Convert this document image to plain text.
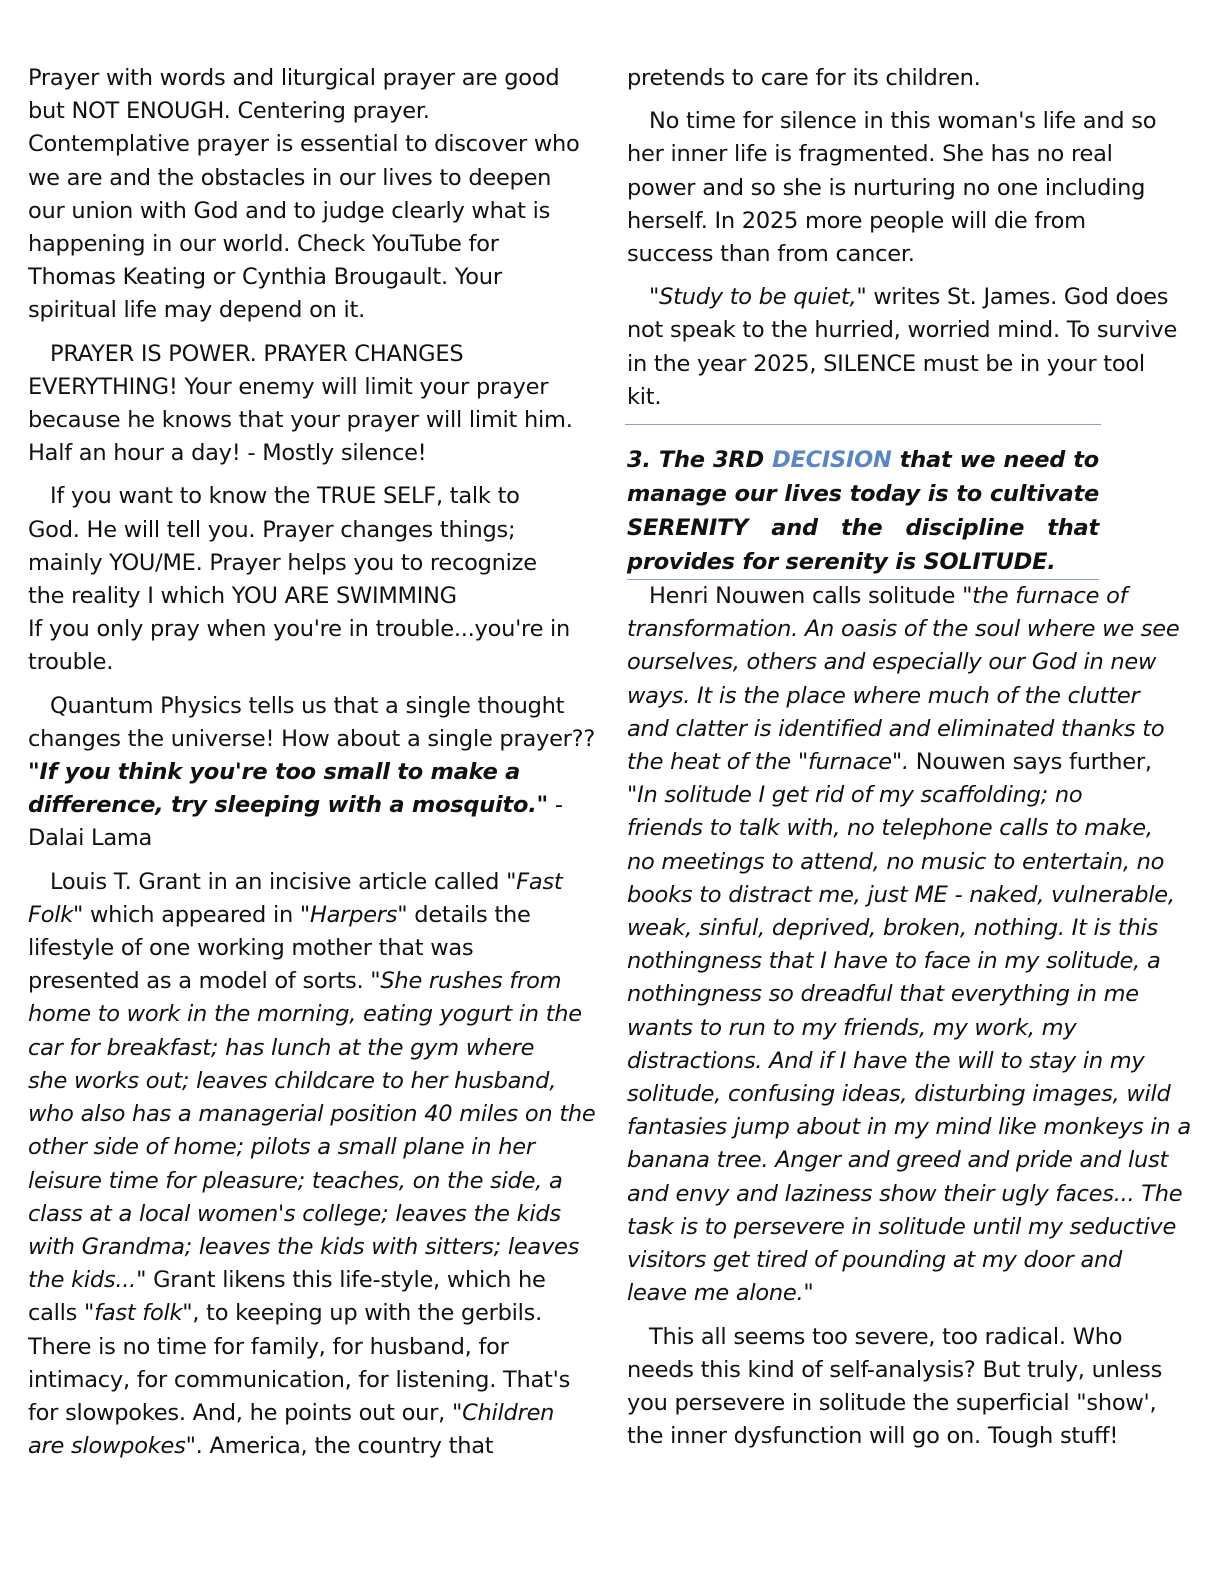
Prayer with words and liturgical prayer are good
but NOT ENOUGH. Centering prayer.
Contemplative prayer is essential to discover who
we are and the obstacles in our lives to deepen
our union with God and to judge clearly what is
happening in our world. Check YouTube for
Thomas Keating or Cynthia Brougault. Your
spiritual life may depend on it.

PRAYER IS POWER. PRAYER CHANGES
EVERYTHING! Your enemy will limit your prayer
because he knows that your prayer will limit him.
Half an hour a day! - Mostly silence!

If you want to know the TRUE SELF, talk to
God. He will tell you. Prayer changes things;
mainly YOU/ME. Prayer helps you to recognize
the reality I which YOU ARE SWIMMING
If you only pray when you're in trouble...you're in
trouble.

Quantum Physics tells us that a single thought
changes the universe! How about a single prayer??
"If you think you're too small to make a
difference, try sleeping with a mosquito." -
Dalai Lama

Louis T. Grant in an incisive article called "Fast
Folk" which appeared in "Harpers" details the
lifestyle of one working mother that was
presented as a model of sorts. "She rushes from
home to work in the morning, eating yogurt in the
car for breakfast; has lunch at the gym where
she works out; leaves childcare to her husband,
who also has a managerial position 40 miles on the
other side of home; pilots a small plane in her
leisure time for pleasure; teaches, on the side, a
class at a local women's college; leaves the kids
with Grandma; leaves the kids with sitters; leaves
the kids..." Grant likens this life-style, which he
calls "fast folk", to keeping up with the gerbils.
There is no time for family, for husband, for
intimacy, for communication, for listening. That's
for slowpokes. And, he points out our, "Children
are slowpokes". America, the country that

pretends to care for its children.

No time for silence in this woman's life and so
her inner life is fragmented. She has no real
power and so she is nurturing no one including
herself. In 2025 more people will die from
success than from cancer.

"Study to be quiet," writes St. James. God does
not speak to the hurried, worried mind. To survive
in the year 2025, SILENCE must be in your tool
kit.

3. The 3RD DECISION that we need to manage our lives today is to cultivate SERENITY and the discipline that provides for serenity is SOLITUDE.

Henri Nouwen calls solitude "the furnace of
transformation. An oasis of the soul where we see
ourselves, others and especially our God in new
ways. It is the place where much of the clutter
and clatter is identified and eliminated thanks to
the heat of the "furnace". Nouwen says further,
"In solitude I get rid of my scaffolding; no
friends to talk with, no telephone calls to make,
no meetings to attend, no music to entertain, no
books to distract me, just ME - naked, vulnerable,
weak, sinful, deprived, broken, nothing. It is this
nothingness that I have to face in my solitude, a
nothingness so dreadful that everything in me
wants to run to my friends, my work, my
distractions. And if I have the will to stay in my
solitude, confusing ideas, disturbing images, wild
fantasies jump about in my mind like monkeys in a
banana tree. Anger and greed and pride and lust
and envy and laziness show their ugly faces... The
task is to persevere in solitude until my seductive
visitors get tired of pounding at my door and
leave me alone."

This all seems too severe, too radical. Who
needs this kind of self-analysis? But truly, unless
you persevere in solitude the superficial "show',
the inner dysfunction will go on. Tough stuff!
